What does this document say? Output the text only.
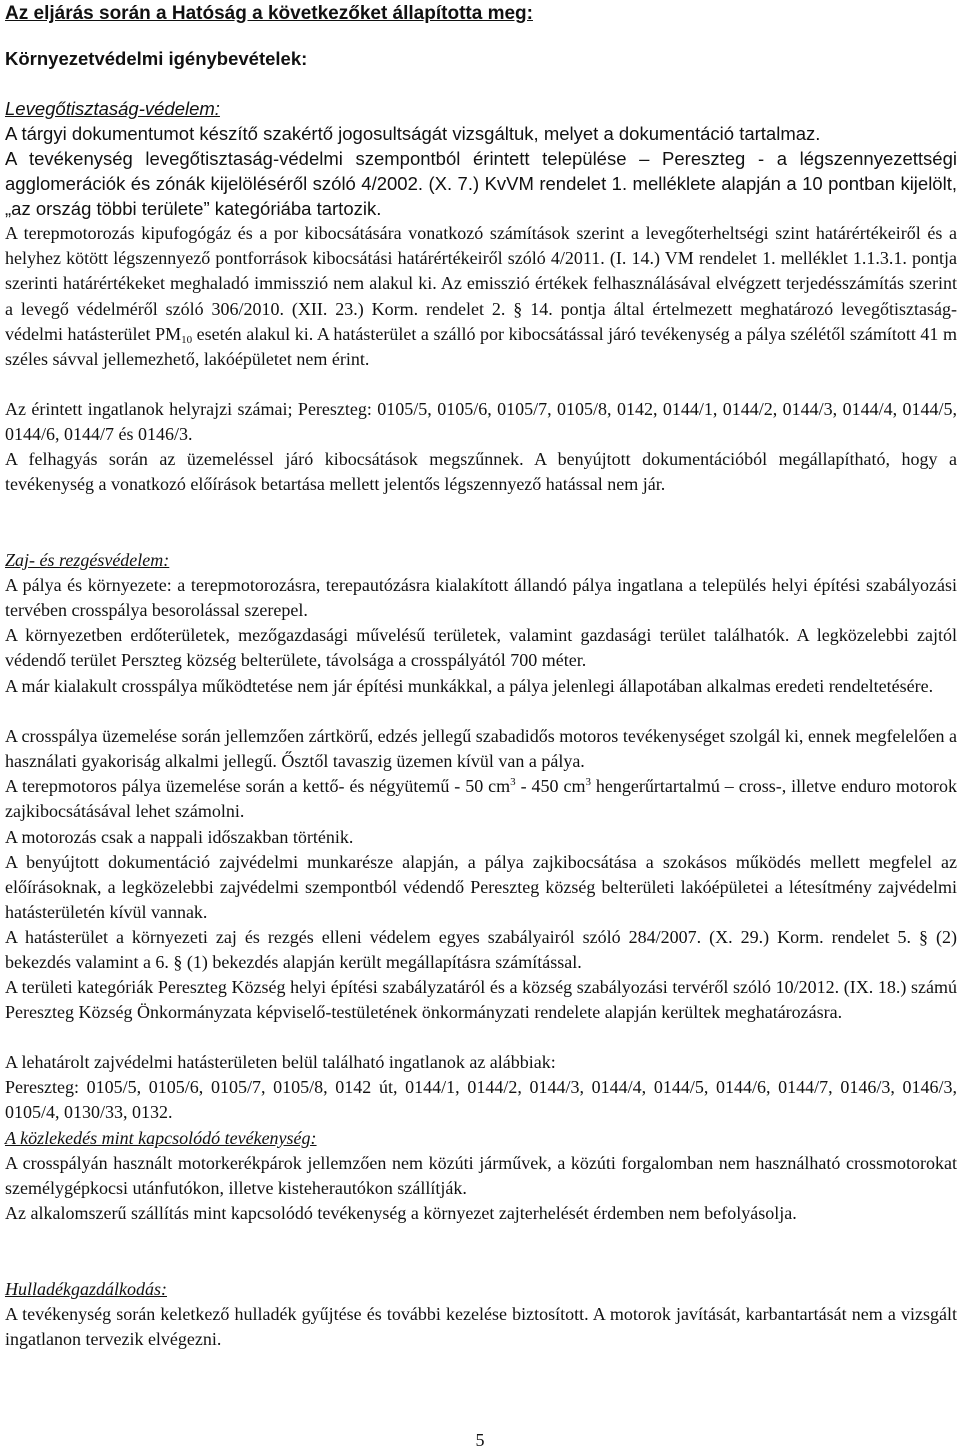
Az eljárás során a Hatóság a következőket állapította meg:

Környezetvédelmi igénybevételek:

Levegőtisztaság-védelem:

A tárgyi dokumentumot készítő szakértő jogosultságát vizsgáltuk, melyet a dokumentáció tartalmaz.

A tevékenység levegőtisztaság-védelmi szempontból érintett települése – Pereszteg - a légszennyezettségi agglomerációk és zónák kijelöléséről szóló 4/2002. (X. 7.) KvVM rendelet 1. melléklete alapján a 10 pontban kijelölt, „az ország többi területe” kategóriába tartozik.

A terepmotorozás kipufogógáz és a por kibocsátására vonatkozó számítások szerint a levegőterheltségi szint határértékeiről és a helyhez kötött légszennyező pontforrások kibocsátási határértékeiről szóló 4/2011. (I. 14.) VM rendelet 1. melléklet 1.1.3.1. pontja szerinti határértékeket meghaladó immisszió nem alakul ki. Az emisszió értékek felhasználásával elvégzett terjedésszámítás szerint a levegő védelméről szóló 306/2010. (XII. 23.) Korm. rendelet 2. § 14. pontja által értelmezett meghatározó levegőtisztaság-védelmi hatásterület $PM_{10}$ esetén alakul ki. A hatásterület a szálló por kibocsátással járó tevékenység a pálya szélétől számított 41 m széles sávval jellemezhető, lakóépületet nem érint.

Az érintett ingatlanok helyrajzi számai; Pereszteg: 0105/5, 0105/6, 0105/7, 0105/8, 0142, 0144/1, 0144/2, 0144/3, 0144/4, 0144/5, 0144/6, 0144/7 és 0146/3.

A felhagyás során az üzemeléssel járó kibocsátások megszűnnek. A benyújtott dokumentációból megállapítható, hogy a tevékenység a vonatkozó előírások betartása mellett jelentős légszennyező hatással nem jár.

Zaj- és rezgésvédelem:

A pálya és környezete: a terepmotorozásra, terepautózásra kialakított állandó pálya ingatlana a település helyi építési szabályozási tervében crosspálya besorolással szerepel.

A környezetben erdőterületek, mezőgazdasági művelésű területek, valamint gazdasági terület találhatók. A legközelebbi zajtól védendő terület Perszteg község belterülete, távolsága a crosspályától 700 méter.

A már kialakult crosspálya működtetése nem jár építési munkákkal, a pálya jelenlegi állapotában alkalmas eredeti rendeltetésére.

A crosspálya üzemelése során jellemzően zártkörű, edzés jellegű szabadidős motoros tevékenységet szolgál ki, ennek megfelelően a használati gyakoriság alkalmi jellegű. Ősztől tavaszig üzemen kívül van a pálya.

A terepmotoros pálya üzemelése során a kettő- és négyütemű - 50 $cm^3 - 450$ $cm^3$ hengerűrtartalmú – cross-, illetve enduro motorok zajkibocsátásával lehet számolni.

A motorozás csak a nappali időszakban történik.

A benyújtott dokumentáció zajvédelmi munkarésze alapján, a pálya zajkibocsátása a szokásos működés mellett megfelel az előírásoknak, a legközelebbi zajvédelmi szempontból védendő Pereszteg község belterületi lakóépületei a létesítmény zajvédelmi hatásterületén kívül vannak.

A hatásterület a környezeti zaj és rezgés elleni védelem egyes szabályairól szóló 284/2007. (X. 29.) Korm. rendelet 5. § (2) bekezdés valamint a 6. § (1) bekezdés alapján került megállapításra számítással.

A területi kategóriák Pereszteg Község helyi építési szabályzatáról és a község szabályozási tervéről szóló 10/2012. (IX. 18.) számú Pereszteg Község Önkormányzata képviselő-testületének önkormányzati rendelete alapján kerültek meghatározásra.

A lehatárolt zajvédelmi hatásterületen belül található ingatlanok az alábbiak:

Pereszteg: 0105/5, 0105/6, 0105/7, 0105/8, 0142 út, 0144/1, 0144/2, 0144/3, 0144/4, 0144/5, 0144/6, 0144/7, 0146/3, 0146/3, 0105/4, 0130/33, 0132.

A közlekedés mint kapcsolódó tevékenység:

A crosspályán használt motorkerékpárok jellemzően nem közúti járművek, a közúti forgalomban nem használható crossmotorokat személygépkocsi utánfutókon, illetve kisteherautókon szállítják.

Az alkalomszerű szállítás mint kapcsolódó tevékenység a környezet zajterhelését érdemben nem befolyásolja.

Hulladékgazdálkodás:

A tevékenység során keletkező hulladék gyűjtése és további kezelése biztosított. A motorok javítását, karbantartását nem a vizsgált ingatlanon tervezik elvégezni.

5
